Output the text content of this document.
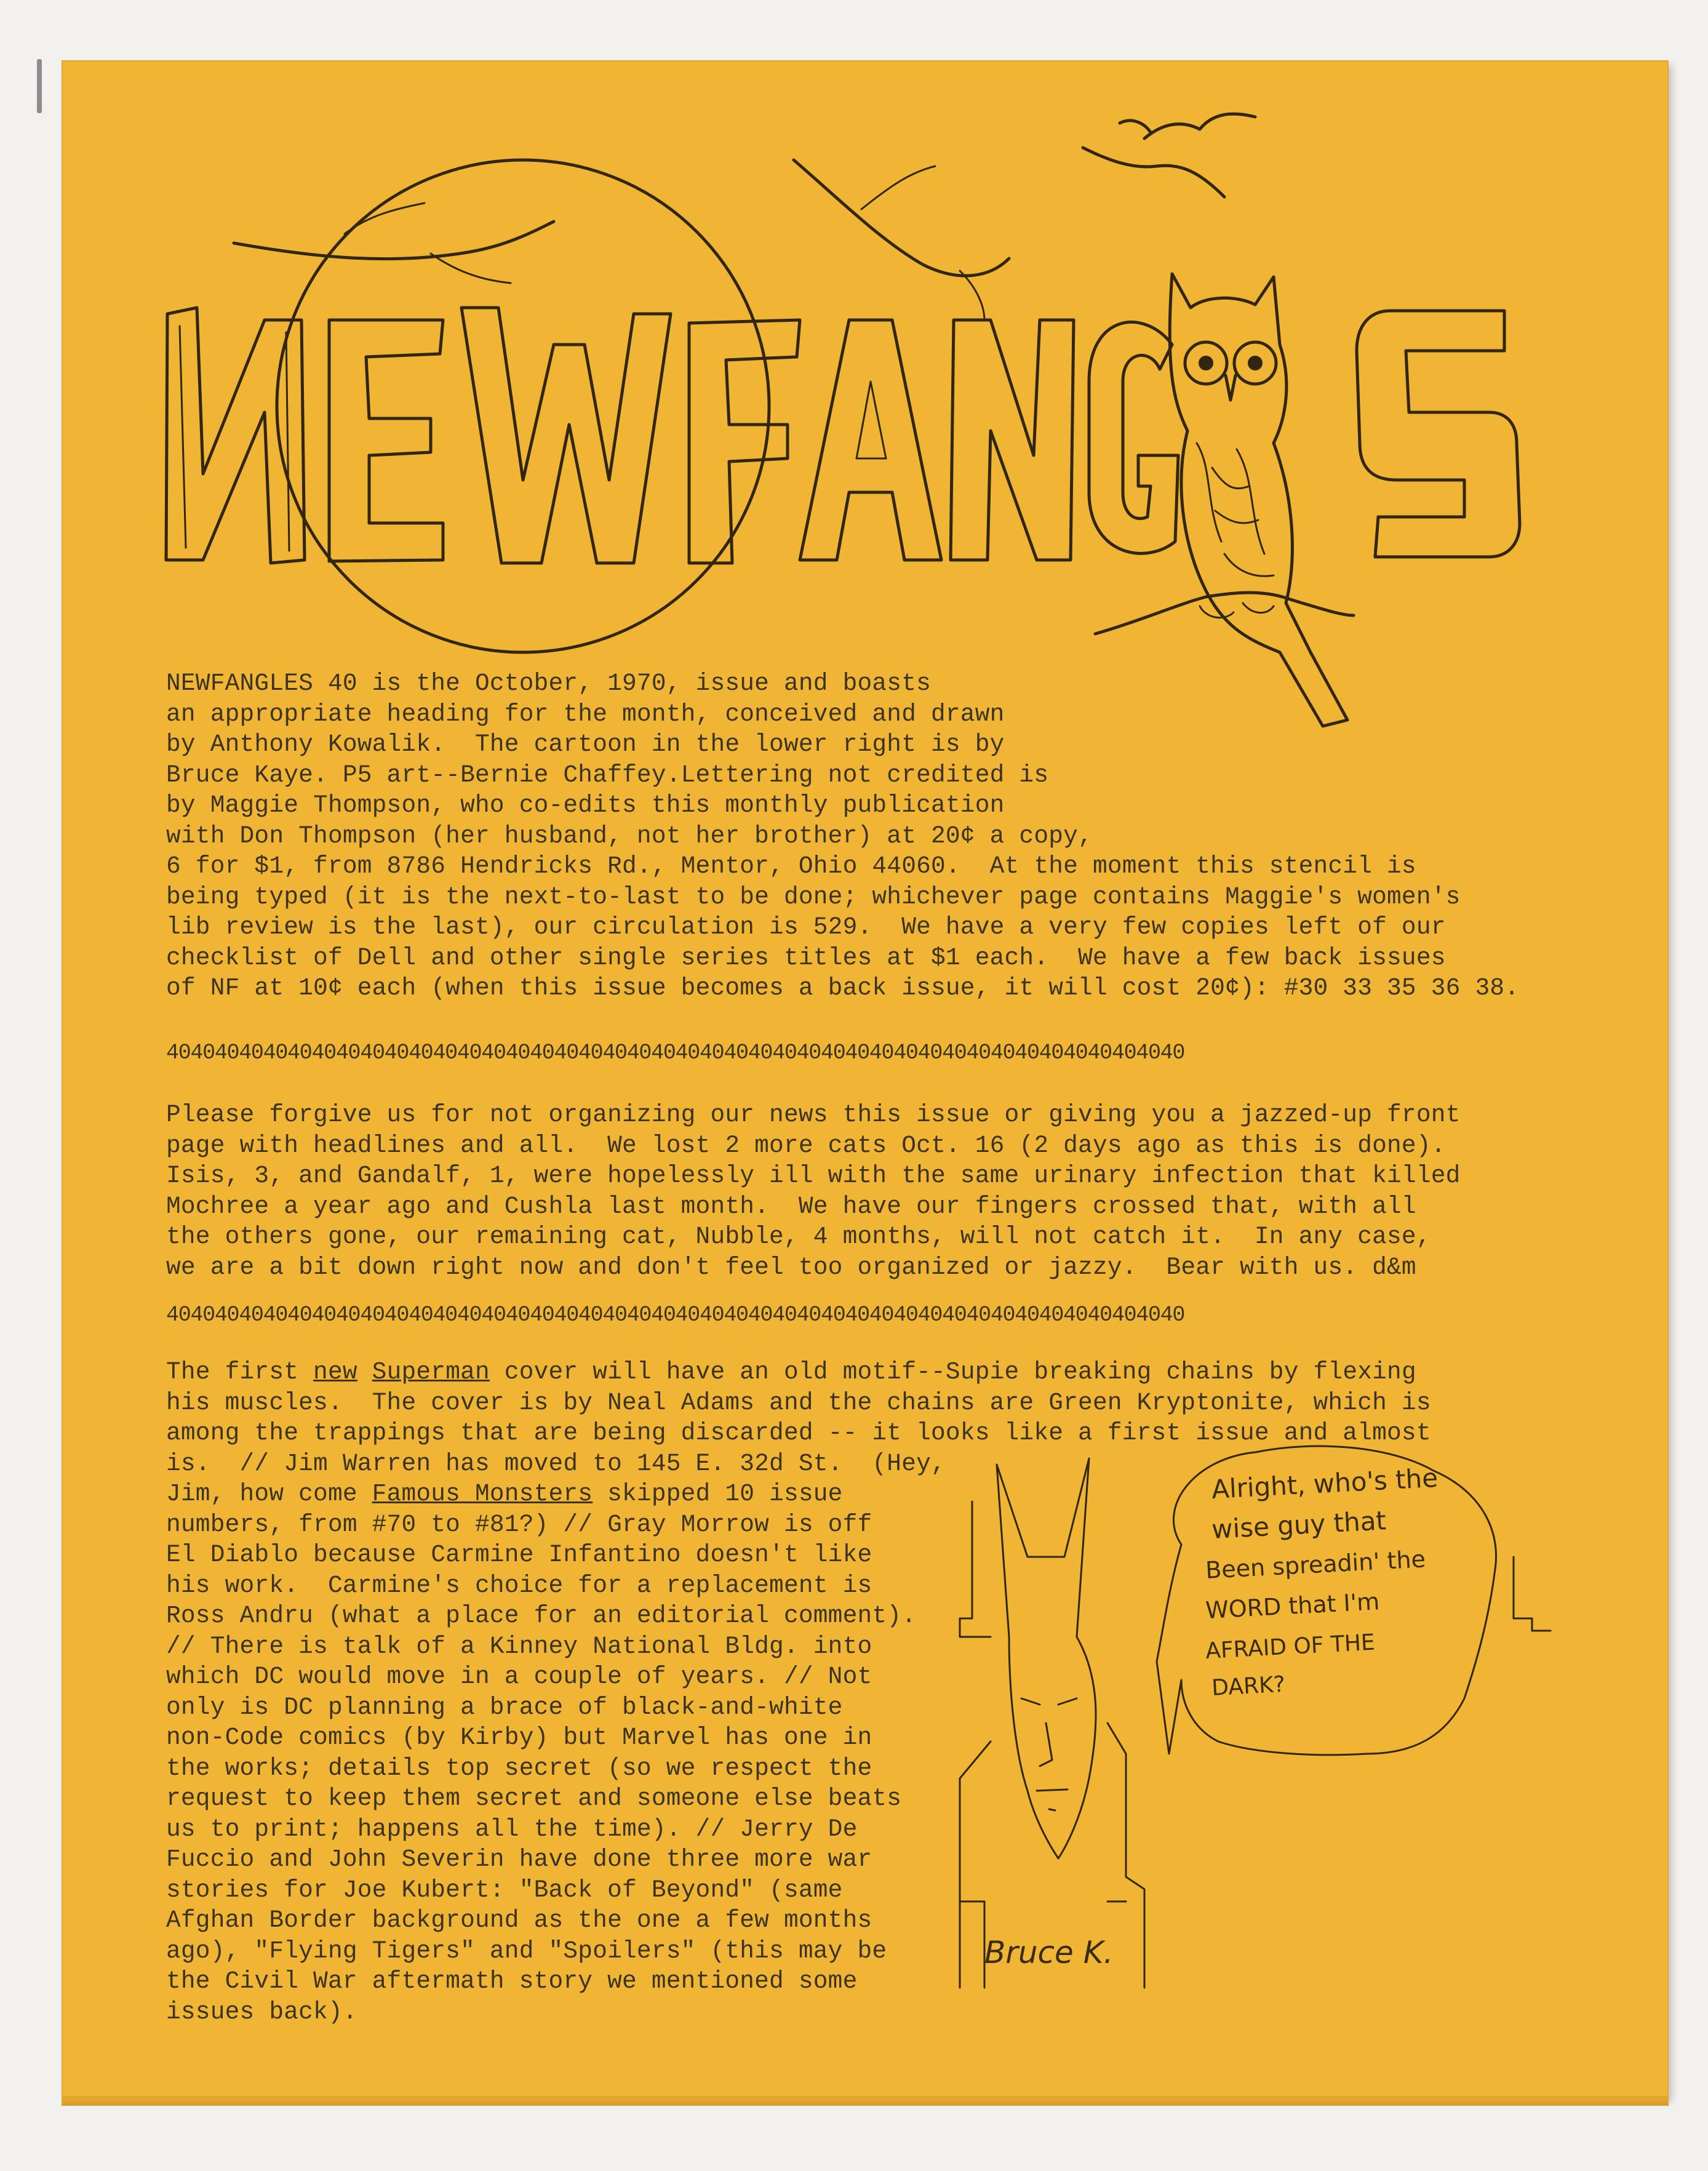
NEWFANGLES 40 is the October, 1970, issue and boasts
an appropriate heading for the month, conceived and drawn
by Anthony Kowalik.  The cartoon in the lower right is by
Bruce Kaye. P5 art--Bernie Chaffey.Lettering not credited is
by Maggie Thompson, who co-edits this monthly publication
with Don Thompson (her husband, not her brother) at 20¢ a copy,
6 for $1, from 8786 Hendricks Rd., Mentor, Ohio 44060.  At the moment this stencil is
being typed (it is the next-to-last to be done; whichever page contains Maggie's women's
lib review is the last), our circulation is 529.  We have a very few copies left of our
checklist of Dell and other single series titles at $1 each.  We have a few back issues
of NF at 10¢ each (when this issue becomes a back issue, it will cost 20¢): #30 33 35 36 38.
404040404040404040404040404040404040404040404040404040404040404040404040404040404040
Please forgive us for not organizing our news this issue or giving you a jazzed-up front
page with headlines and all.  We lost 2 more cats Oct. 16 (2 days ago as this is done).
Isis, 3, and Gandalf, 1, were hopelessly ill with the same urinary infection that killed
Mochree a year ago and Cushla last month.  We have our fingers crossed that, with all
the others gone, our remaining cat, Nubble, 4 months, will not catch it.  In any case,
we are a bit down right now and don't feel too organized or jazzy.  Bear with us. d&m
404040404040404040404040404040404040404040404040404040404040404040404040404040404040
The first new Superman cover will have an old motif--Supie breaking chains by flexing
his muscles.  The cover is by Neal Adams and the chains are Green Kryptonite, which is
among the trappings that are being discarded -- it looks like a first issue and almost
is.  // Jim Warren has moved to 145 E. 32d St.  (Hey,
Jim, how come Famous Monsters skipped 10 issue
numbers, from #70 to #81?) // Gray Morrow is off
El Diablo because Carmine Infantino doesn't like
his work.  Carmine's choice for a replacement is
Ross Andru (what a place for an editorial comment).
// There is talk of a Kinney National Bldg. into
which DC would move in a couple of years. // Not
only is DC planning a brace of black-and-white
non-Code comics (by Kirby) but Marvel has one in
the works; details top secret (so we respect the
request to keep them secret and someone else beats
us to print; happens all the time). // Jerry De
Fuccio and John Severin have done three more war
stories for Joe Kubert: "Back of Beyond" (same
Afghan Border background as the one a few months
ago), "Flying Tigers" and "Spoilers" (this may be
the Civil War aftermath story we mentioned some
issues back).
Alright, who's the
wise guy that
Been spreadin' the
WORD that I'm
AFRAID OF THE
DARK?
Bruce K.
